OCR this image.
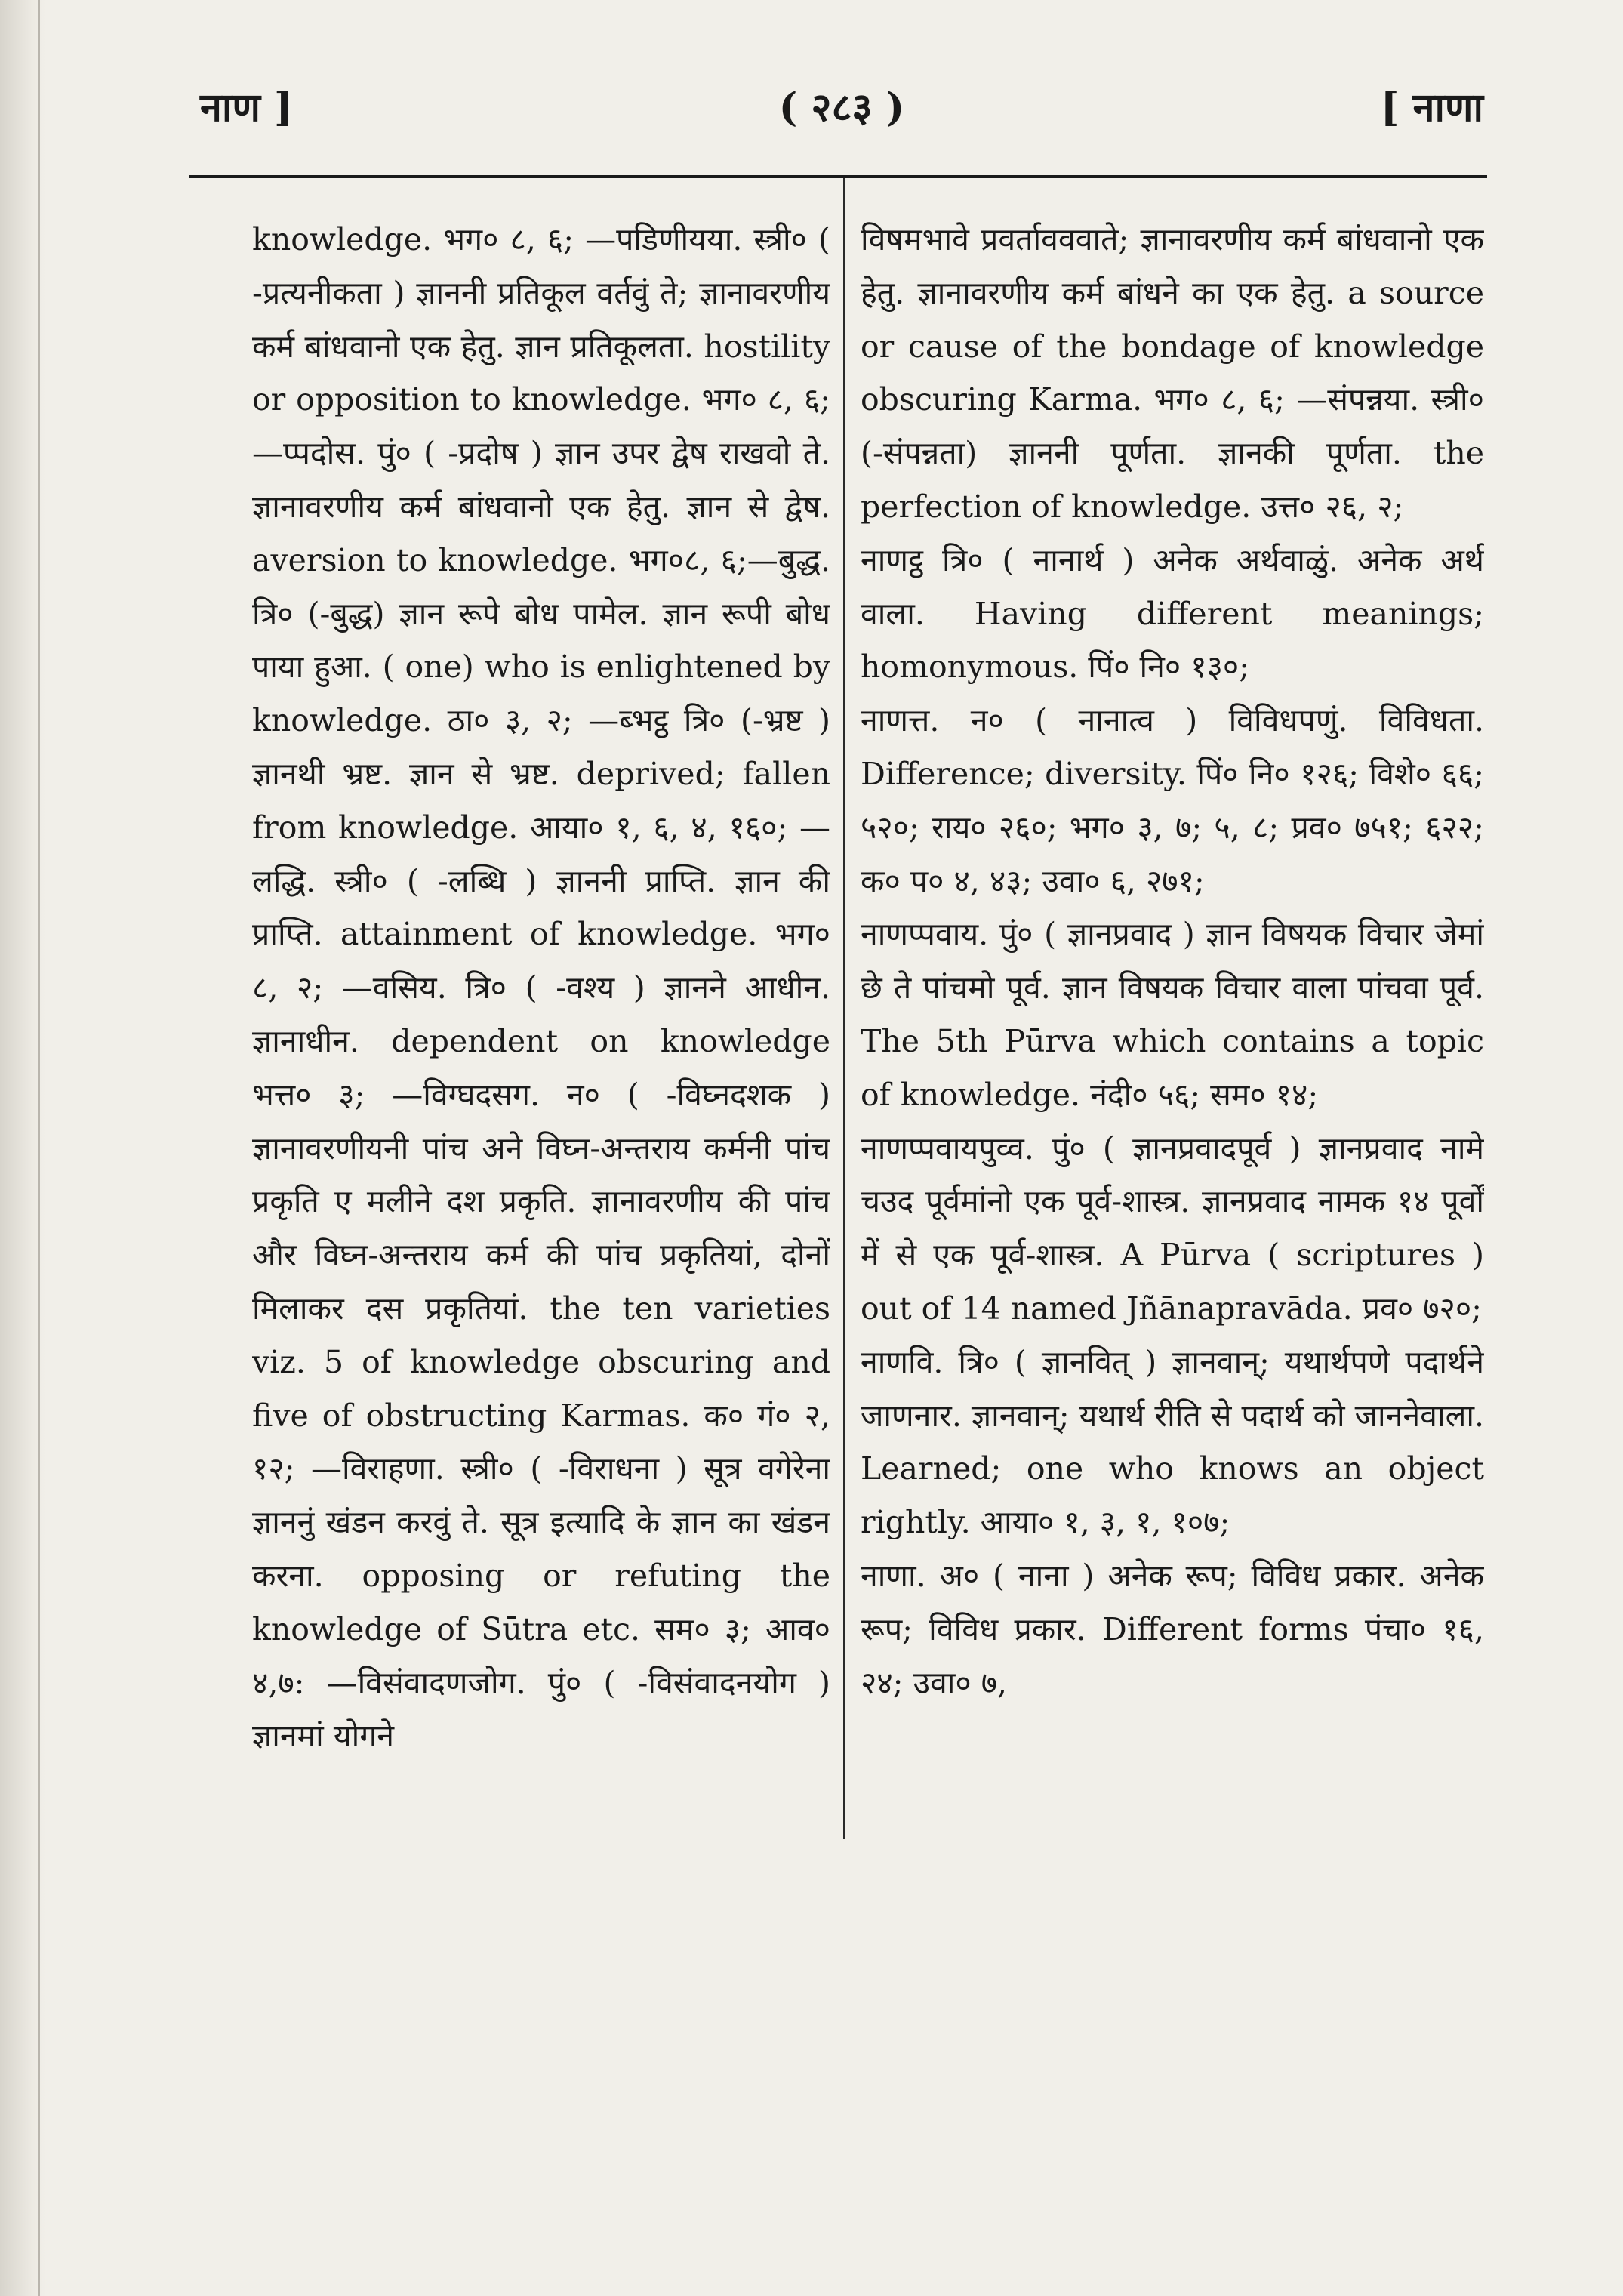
नाण ]	( २८३ )	[ नाणा

knowledge. भग० ८, ६; —पडिणीयया. स्त्री० ( -प्रत्यनीकता ) ज्ञाननी प्रतिकूल वर्तवुं ते; ज्ञानावरणीय कर्म बांधवानो एक हेतु. ज्ञान प्रतिकूलता. hostility or opposition to knowledge. भग० ८, ६; —प्पदोस. पुं० ( -प्रदोष ) ज्ञान उपर द्वेष राखवो ते. ज्ञानावरणीय कर्म बांधवानो एक हेतु. ज्ञान से द्वेष. aversion to knowledge. भग०८, ६;—बुद्ध. त्रि० (-बुद्ध) ज्ञान रूपे बोध पामेल. ज्ञान रूपी बोध पाया हुआ. ( one) who is enlightened by knowledge. ठा० ३, २; —ब्भट्ठ त्रि० (-भ्रष्ट ) ज्ञानथी भ्रष्ट. ज्ञान से भ्रष्ट. deprived; fallen from knowledge. आया० १, ६, ४, १६०; —लद्धि. स्त्री० ( -लब्धि ) ज्ञाननी प्राप्ति. ज्ञान की प्राप्ति. attainment of knowledge. भग० ८, २; —वसिय. त्रि० ( -वश्य ) ज्ञानने आधीन. ज्ञानाधीन. dependent on knowledge भत्त० ३; —विग्घदसग. न० ( -विघ्नदशक ) ज्ञानावरणीयनी पांच अने विघ्न-अन्तराय कर्मनी पांच प्रकृति ए मलीने दश प्रकृति. ज्ञानावरणीय की पांच और विघ्न-अन्तराय कर्म की पांच प्रकृतियां, दोनों मिलाकर दस प्रकृतियां. the ten varieties viz. 5 of knowledge obscuring and five of obstructing Karmas. क० गं० २, १२; —विराहणा. स्त्री० ( -विराधना ) सूत्र वगेरेना ज्ञाननुं खंडन करवुं ते. सूत्र इत्यादि के ज्ञान का खंडन करना. opposing or refuting the knowledge of Sūtra etc. सम० ३; आव० ४,७: —विसंवादणजोग. पुं० ( -विसंवादनयोग ) ज्ञानमां योगने

विषमभावे प्रवर्तावववाते; ज्ञानावरणीय कर्म बांधवानो एक हेतु. ज्ञानावरणीय कर्म बांधने का एक हेतु. a source or cause of the bondage of knowledge obscuring Karma. भग० ८, ६; —संपन्नया. स्त्री० (-संपन्नता) ज्ञाननी पूर्णता. ज्ञानकी पूर्णता. the perfection of knowledge. उत्त० २६, २;

नाणट्ठ त्रि० ( नानार्थ ) अनेक अर्थवाळुं. अनेक अर्थ वाला. Having different meanings; homonymous. पिं० नि० १३०;

नाणत्त. न० ( नानात्व ) विविधपणुं. विविधता. Difference; diversity. पिं० नि० १२६; विशे० ६६; ५२०; राय० २६०; भग० ३, ७; ५, ८; प्रव० ७५१; ६२२; क० प० ४, ४३; उवा० ६, २७१;

नाणप्पवाय. पुं० ( ज्ञानप्रवाद ) ज्ञान विषयक विचार जेमां छे ते पांचमो पूर्व. ज्ञान विषयक विचार वाला पांचवा पूर्व. The 5th Pūrva which contains a topic of knowledge. नंदी० ५६; सम० १४;

नाणप्पवायपुव्व. पुं० ( ज्ञानप्रवादपूर्व ) ज्ञानप्रवाद नामे चउद पूर्वमांनो एक पूर्व-शास्त्र. ज्ञानप्रवाद नामक १४ पूर्वों में से एक पूर्व-शास्त्र. A Pūrva ( scriptures ) out of 14 named Jñānapravāda. प्रव० ७२०;

नाणवि. त्रि० ( ज्ञानवित् ) ज्ञानवान्; यथार्थपणे पदार्थने जाणनार. ज्ञानवान्; यथार्थ रीति से पदार्थ को जाननेवाला. Learned; one who knows an object rightly. आया० १, ३, १, १०७;

नाणा. अ० ( नाना ) अनेक रूप; विविध प्रकार. अनेक रूप; विविध प्रकार. Different forms पंचा० १६, २४; उवा० ७,
